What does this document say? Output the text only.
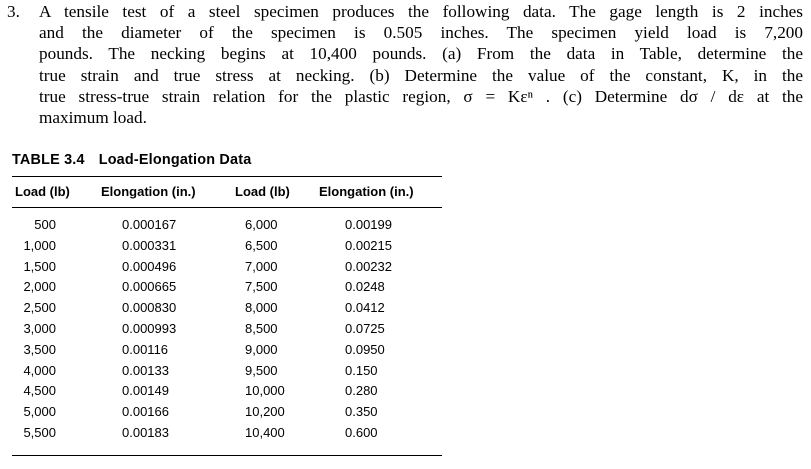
3. A tensile test of a steel specimen produces the following data. The gage length is 2 inches
and the diameter of the specimen is 0.505 inches. The specimen yield load is 7,200
pounds. The necking begins at 10,400 pounds. (a) From the data in Table, determine the
true strain and true stress at necking. (b) Determine the value of the constant, K, in the
true stress-true strain relation for the plastic region, σ = Kεⁿ . (c) Determine dσ / dε at the
maximum load.
TABLE 3.4 Load-Elongation Data
Load (lb) Elongation (in.)	Load (lb) Elongation (in.)
500
1,000
1,500
2,000
2,500
3,000
3,500
4,000
4,500
5,000
5,500
0.000167
0.000331
0.000496
0.000665
0.000830
0.000993
0.00116
0.00133
0.00149
0.00166
0.00183
6,000
6,500
7,000
7,500
8,000
8,500
9,000
9,500
10,000
10,200
10,400
0.00199
0.00215
0.00232
0.0248
0.0412
0.0725
0.0950
0.150
0.280
0.350
0.600
